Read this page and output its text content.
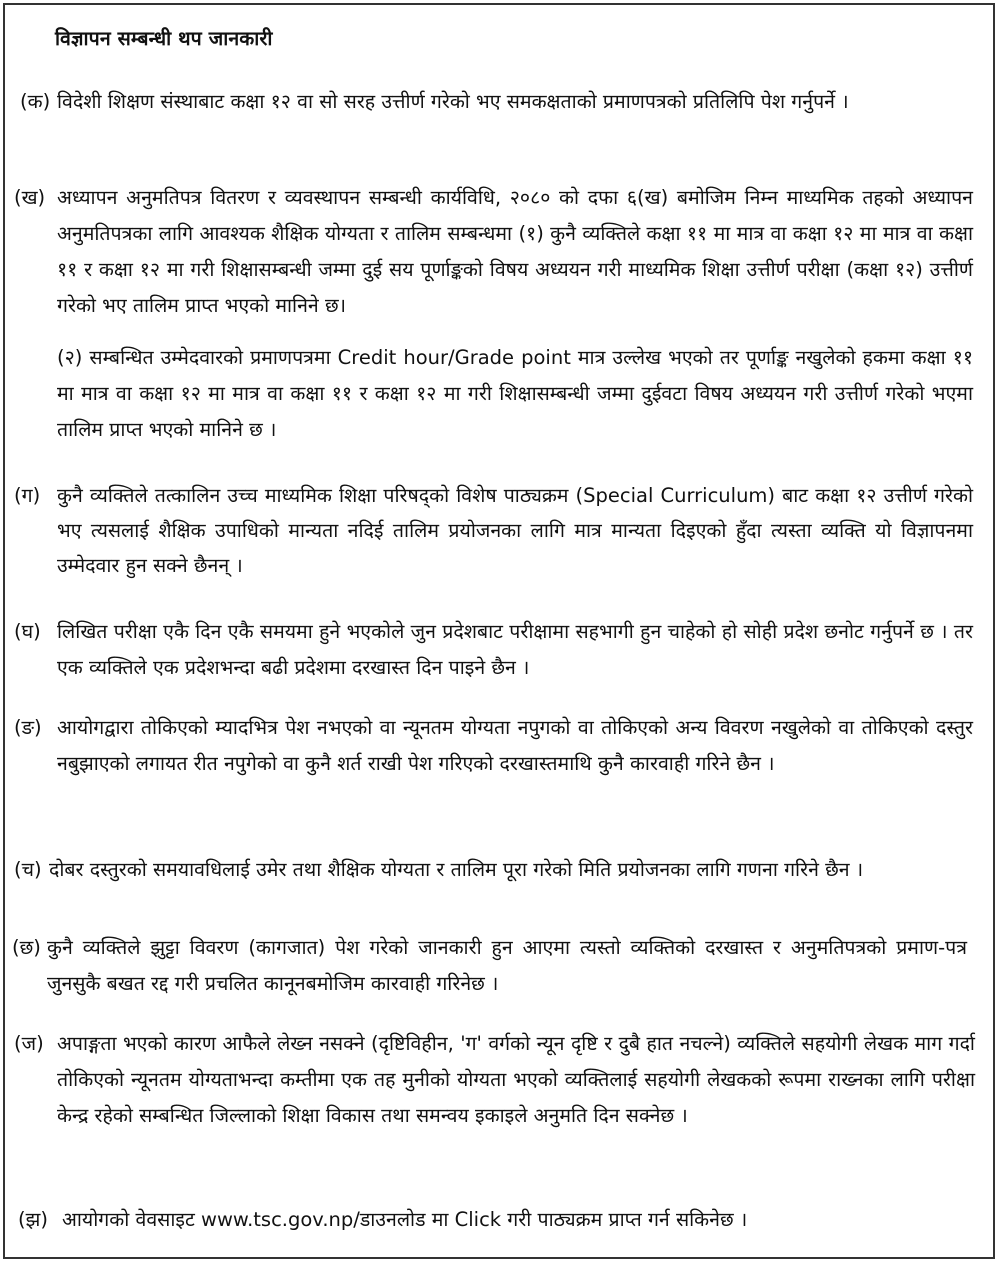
विज्ञापन सम्बन्धी थप जानकारी
(क) विदेशी शिक्षण संस्थाबाट कक्षा १२ वा सो सरह उत्तीर्ण गरेको भए समकक्षताको प्रमाणपत्रको प्रतिलिपि पेश गर्नुपर्ने ।
(ख) अध्यापन अनुमतिपत्र वितरण र व्यवस्थापन सम्बन्धी कार्यविधि, २०८० को दफा ६(ख) बमोजिम निम्न माध्यमिक तहको अध्यापन अनुमतिपत्रका लागि आवश्यक शैक्षिक योग्यता र तालिम सम्बन्धमा (१) कुनै व्यक्तिले कक्षा ११ मा मात्र वा कक्षा १२ मा मात्र वा कक्षा ११ र कक्षा १२ मा गरी शिक्षासम्बन्धी जम्मा दुई सय पूर्णाङ्कको विषय अध्ययन गरी माध्यमिक शिक्षा उत्तीर्ण परीक्षा (कक्षा १२) उत्तीर्ण गरेको भए तालिम प्राप्त भएको मानिने छ।
(२) सम्बन्धित उम्मेदवारको प्रमाणपत्रमा Credit hour/Grade point मात्र उल्लेख भएको तर पूर्णाङ्क नखुलेको हकमा कक्षा ११ मा मात्र वा कक्षा १२ मा मात्र वा कक्षा ११ र कक्षा १२ मा गरी शिक्षासम्बन्धी जम्मा दुईवटा विषय अध्ययन गरी उत्तीर्ण गरेको भएमा तालिम प्राप्त भएको मानिने छ ।
(ग) कुनै व्यक्तिले तत्कालिन उच्च माध्यमिक शिक्षा परिषद्को विशेष पाठ्यक्रम (Special Curriculum) बाट कक्षा १२ उत्तीर्ण गरेको भए त्यसलाई शैक्षिक उपाधिको मान्यता नदिई तालिम प्रयोजनका लागि मात्र मान्यता दिइएको हुँदा त्यस्ता व्यक्ति यो विज्ञापनमा उम्मेदवार हुन सक्ने छैनन् ।
(घ) लिखित परीक्षा एकै दिन एकै समयमा हुने भएकोले जुन प्रदेशबाट परीक्षामा सहभागी हुन चाहेको हो सोही प्रदेश छनोट गर्नुपर्ने छ । तर एक व्यक्तिले एक प्रदेशभन्दा बढी प्रदेशमा दरखास्त दिन पाइने छैन ।
(ङ) आयोगद्वारा तोकिएको म्यादभित्र पेश नभएको वा न्यूनतम योग्यता नपुगको वा तोकिएको अन्य विवरण नखुलेको वा तोकिएको दस्तुर नबुझाएको लगायत रीत नपुगेको वा कुनै शर्त राखी पेश गरिएको दरखास्तमाथि कुनै कारवाही गरिने छैन ।
(च) दोबर दस्तुरको समयावधिलाई उमेर तथा शैक्षिक योग्यता र तालिम पूरा गरेको मिति प्रयोजनका लागि गणना गरिने छैन ।
(छ) कुनै व्यक्तिले झुट्टा विवरण (कागजात) पेश गरेको जानकारी हुन आएमा त्यस्तो व्यक्तिको दरखास्त र अनुमतिपत्रको प्रमाण-पत्र जुनसुकै बखत रद्द गरी प्रचलित कानूनबमोजिम कारवाही गरिनेछ ।
(ज) अपाङ्गता भएको कारण आफैले लेख्न नसक्ने (दृष्टिविहीन, 'ग' वर्गको न्यून दृष्टि र दुबै हात नचल्ने) व्यक्तिले सहयोगी लेखक माग गर्दा तोकिएको न्यूनतम योग्यताभन्दा कम्तीमा एक तह मुनीको योग्यता भएको व्यक्तिलाई सहयोगी लेखकको रूपमा राख्नका लागि परीक्षा केन्द्र रहेको सम्बन्धित जिल्लाको शिक्षा विकास तथा समन्वय इकाइले अनुमति दिन सक्नेछ ।
(झ) आयोगको वेवसाइट www.tsc.gov.np/डाउनलोड मा Click गरी पाठ्यक्रम प्राप्त गर्न सकिनेछ ।
